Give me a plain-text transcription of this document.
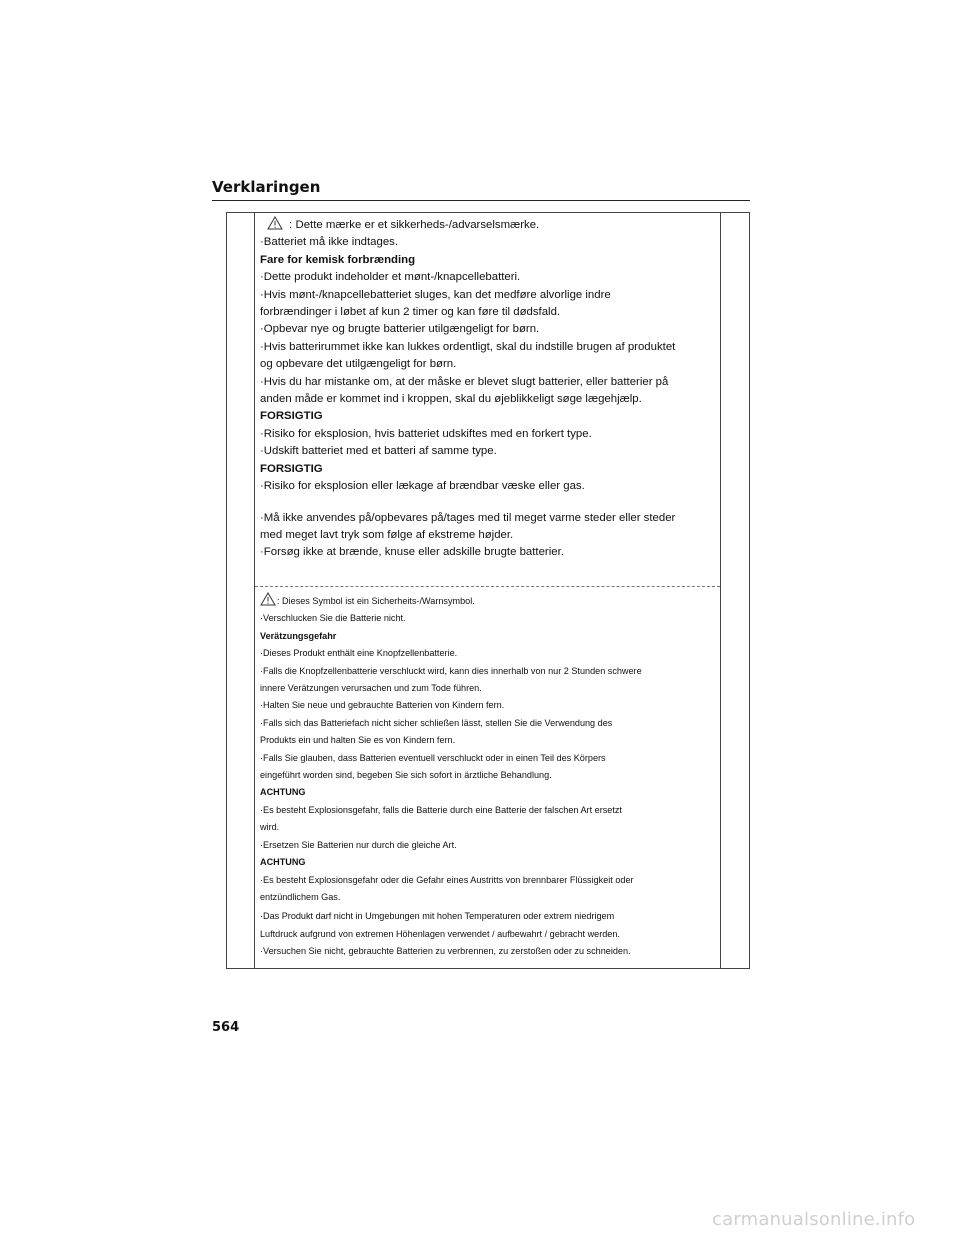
Verklaringen
: Dette mærke er et sikkerheds-/advarselsmærke.
·Batteriet må ikke indtages.
Fare for kemisk forbrænding
·Dette produkt indeholder et mønt-/knapcellebatteri.
·Hvis mønt-/knapcellebatteriet sluges, kan det medføre alvorlige indre
forbrændinger i løbet af kun 2 timer og kan føre til dødsfald.
·Opbevar nye og brugte batterier utilgængeligt for børn.
·Hvis batterirummet ikke kan lukkes ordentligt, skal du indstille brugen af produktet
og opbevare det utilgængeligt for børn.
·Hvis du har mistanke om, at der måske er blevet slugt batterier, eller batterier på
anden måde er kommet ind i kroppen, skal du øjeblikkeligt søge lægehjælp.
FORSIGTIG
·Risiko for eksplosion, hvis batteriet udskiftes med en forkert type.
·Udskift batteriet med et batteri af samme type.
FORSIGTIG
·Risiko for eksplosion eller lækage af brændbar væske eller gas.
·Må ikke anvendes på/opbevares på/tages med til meget varme steder eller steder
med meget lavt tryk som følge af ekstreme højder.
·Forsøg ikke at brænde, knuse eller adskille brugte batterier.
: Dieses Symbol ist ein Sicherheits-/Warnsymbol.
·Verschlucken Sie die Batterie nicht.
Verätzungsgefahr
·Dieses Produkt enthält eine Knopfzellenbatterie.
·Falls die Knopfzellenbatterie verschluckt wird, kann dies innerhalb von nur 2 Stunden schwere
innere Verätzungen verursachen und zum Tode führen.
·Halten Sie neue und gebrauchte Batterien von Kindern fern.
·Falls sich das Batteriefach nicht sicher schließen lässt, stellen Sie die Verwendung des
Produkts ein und halten Sie es von Kindern fern.
·Falls Sie glauben, dass Batterien eventuell verschluckt oder in einen Teil des Körpers
eingeführt worden sind, begeben Sie sich sofort in ärztliche Behandlung.
ACHTUNG
·Es besteht Explosionsgefahr, falls die Batterie durch eine Batterie der falschen Art ersetzt
wird.
·Ersetzen Sie Batterien nur durch die gleiche Art.
ACHTUNG
·Es besteht Explosionsgefahr oder die Gefahr eines Austritts von brennbarer Flüssigkeit oder
entzündlichem Gas.
·Das Produkt darf nicht in Umgebungen mit hohen Temperaturen oder extrem niedrigem
Luftdruck aufgrund von extremen Höhenlagen verwendet / aufbewahrt / gebracht werden.
·Versuchen Sie nicht, gebrauchte Batterien zu verbrennen, zu zerstoßen oder zu schneiden.
564
carmanualsonline.info
